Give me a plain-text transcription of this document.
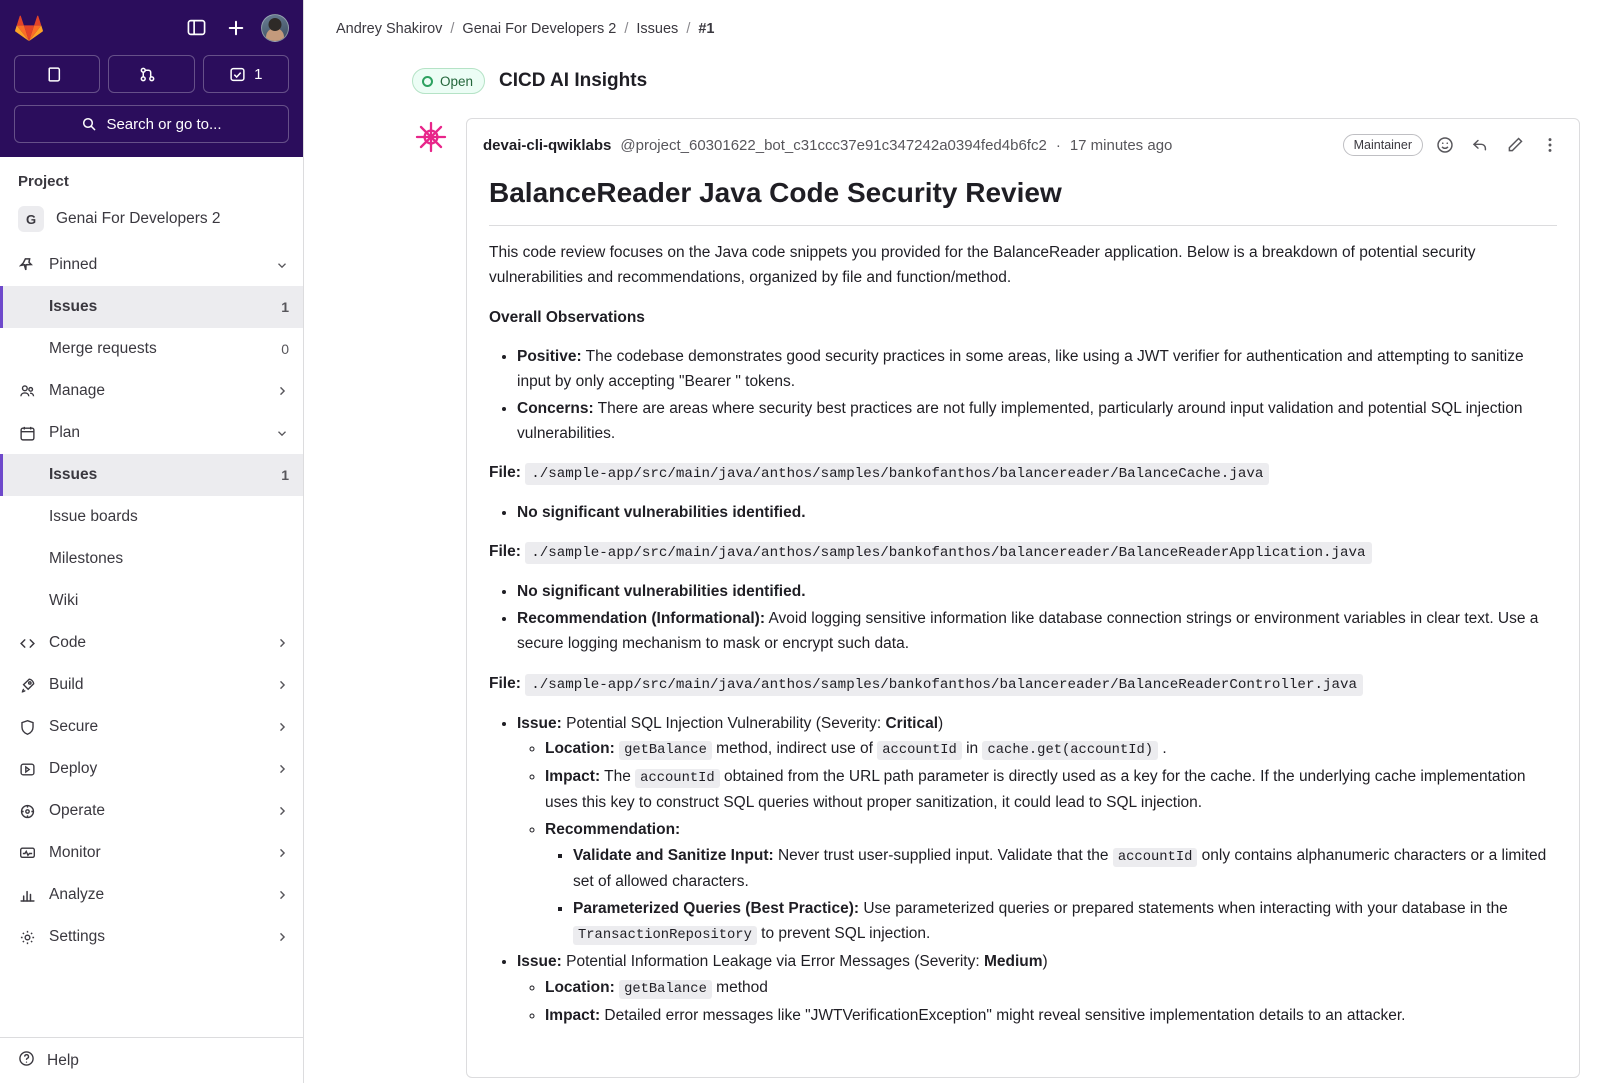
1
Search or go to...
Project
G	Genai For Developers 2
Pinned
Issues	1
Merge requests	0
Manage
Plan
Issues	1
Issue boards
Milestones
Wiki
Code
Build
Secure
Deploy
Operate
Monitor
Analyze
Settings
Help
Andrey Shakirov / Genai For Developers 2 / Issues / #1
Open CICD AI Insights
devai-cli-qwiklabs @project_60301622_bot_c31ccc37e91c347242a0394fed4b6fc2 · 17 minutes ago	Maintainer
BalanceReader Java Code Security Review

This code review focuses on the Java code snippets you provided for the BalanceReader application. Below is a breakdown of potential security vulnerabilities and recommendations, organized by file and function/method.

Overall Observations

• Positive: The codebase demonstrates good security practices in some areas, like using a JWT verifier for authentication and attempting to sanitize input by only accepting "Bearer " tokens.
• Concerns: There are areas where security best practices are not fully implemented, particularly around input validation and potential SQL injection vulnerabilities.

File: ./sample-app/src/main/java/anthos/samples/bankofanthos/balancereader/BalanceCache.java

• No significant vulnerabilities identified.

File: ./sample-app/src/main/java/anthos/samples/bankofanthos/balancereader/BalanceReaderApplication.java

• No significant vulnerabilities identified.
• Recommendation (Informational): Avoid logging sensitive information like database connection strings or environment variables in clear text. Use a secure logging mechanism to mask or encrypt such data.

File: ./sample-app/src/main/java/anthos/samples/bankofanthos/balancereader/BalanceReaderController.java

• Issue: Potential SQL Injection Vulnerability (Severity: Critical)
◦ Location: getBalance method, indirect use of accountId in cache.get(accountId) .
◦ Impact: The accountId obtained from the URL path parameter is directly used as a key for the cache. If the underlying cache implementation uses this key to construct SQL queries without proper sanitization, it could lead to SQL injection.
◦ Recommendation:
▪ Validate and Sanitize Input: Never trust user-supplied input. Validate that the accountId only contains alphanumeric characters or a limited set of allowed characters.
▪ Parameterized Queries (Best Practice): Use parameterized queries or prepared statements when interacting with your database in the TransactionRepository to prevent SQL injection.
• Issue: Potential Information Leakage via Error Messages (Severity: Medium)
◦ Location: getBalance method
◦ Impact: Detailed error messages like "JWTVerificationException" might reveal sensitive implementation details to an attacker.
